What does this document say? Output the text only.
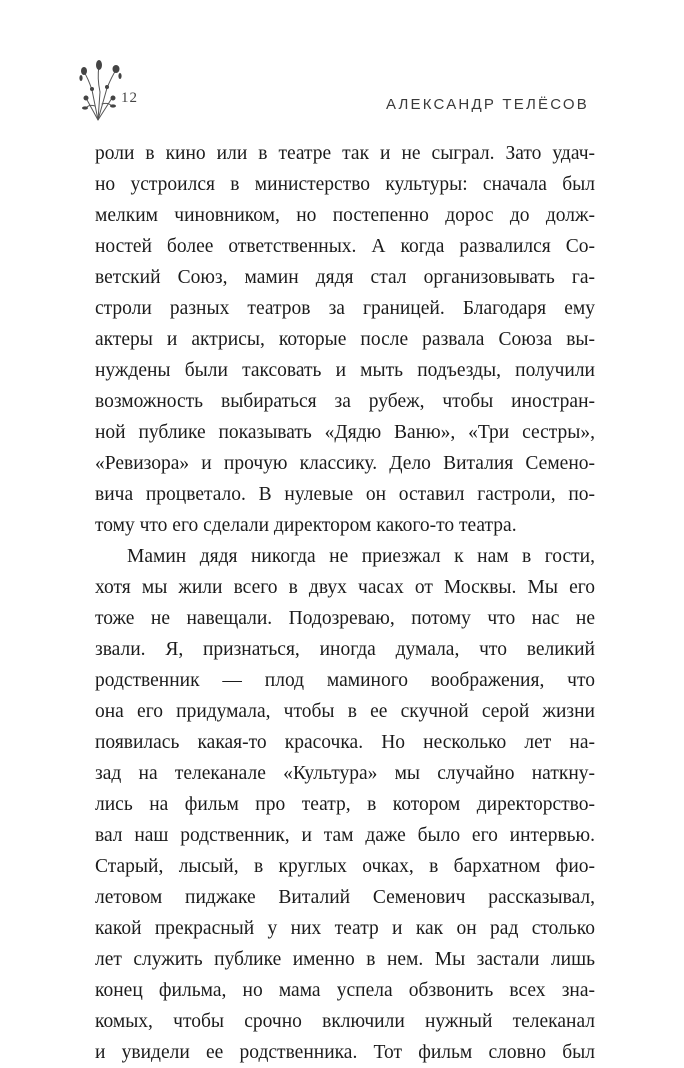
12	АЛЕКСАНДР ТЕЛЁСОВ
роли в кино или в театре так и не сыграл. Зато удач-
но устроился в министерство культуры: сначала был
мелким чиновником, но постепенно дорос до долж-
ностей более ответственных. А когда развалился Со-
ветский Союз, мамин дядя стал организовывать га-
строли разных театров за границей. Благодаря ему
актеры и актрисы, которые после развала Союза вы-
нуждены были таксовать и мыть подъезды, получили
возможность выбираться за рубеж, чтобы иностран-
ной публике показывать «Дядю Ваню», «Три сестры»,
«Ревизора» и прочую классику. Дело Виталия Семено-
вича процветало. В нулевые он оставил гастроли, по-
тому что его сделали директором какого-то театра.
Мамин дядя никогда не приезжал к нам в гости,
хотя мы жили всего в двух часах от Москвы. Мы его
тоже не навещали. Подозреваю, потому что нас не
звали. Я, признаться, иногда думала, что великий
родственник — плод маминого воображения, что
она его придумала, чтобы в ее скучной серой жизни
появилась какая-то красочка. Но несколько лет на-
зад на телеканале «Культура» мы случайно наткну-
лись на фильм про театр, в котором директорство-
вал наш родственник, и там даже было его интервью.
Старый, лысый, в круглых очках, в бархатном фио-
летовом пиджаке Виталий Семенович рассказывал,
какой прекрасный у них театр и как он рад столько
лет служить публике именно в нем. Мы застали лишь
конец фильма, но мама успела обзвонить всех зна-
комых, чтобы срочно включили нужный телеканал
и увидели ее родственника. Тот фильм словно был
